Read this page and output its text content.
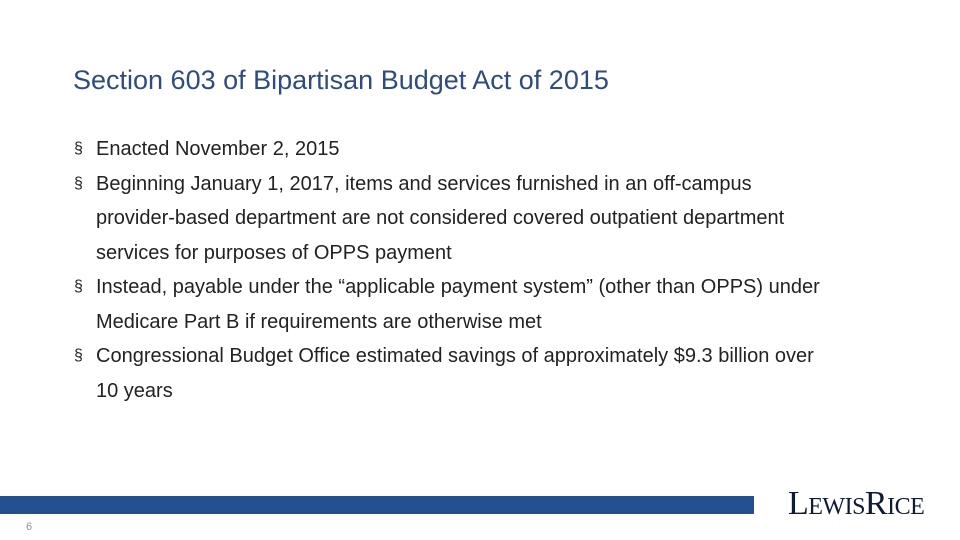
Section 603 of Bipartisan Budget Act of 2015
§ Enacted November 2, 2015
§ Beginning January 1, 2017, items and services furnished in an off-campus provider-based department are not considered covered outpatient department services for purposes of OPPS payment
§ Instead, payable under the “applicable payment system” (other than OPPS) under Medicare Part B if requirements are otherwise met
§ Congressional Budget Office estimated savings of approximately $9.3 billion over 10 years
6
LewisRice
